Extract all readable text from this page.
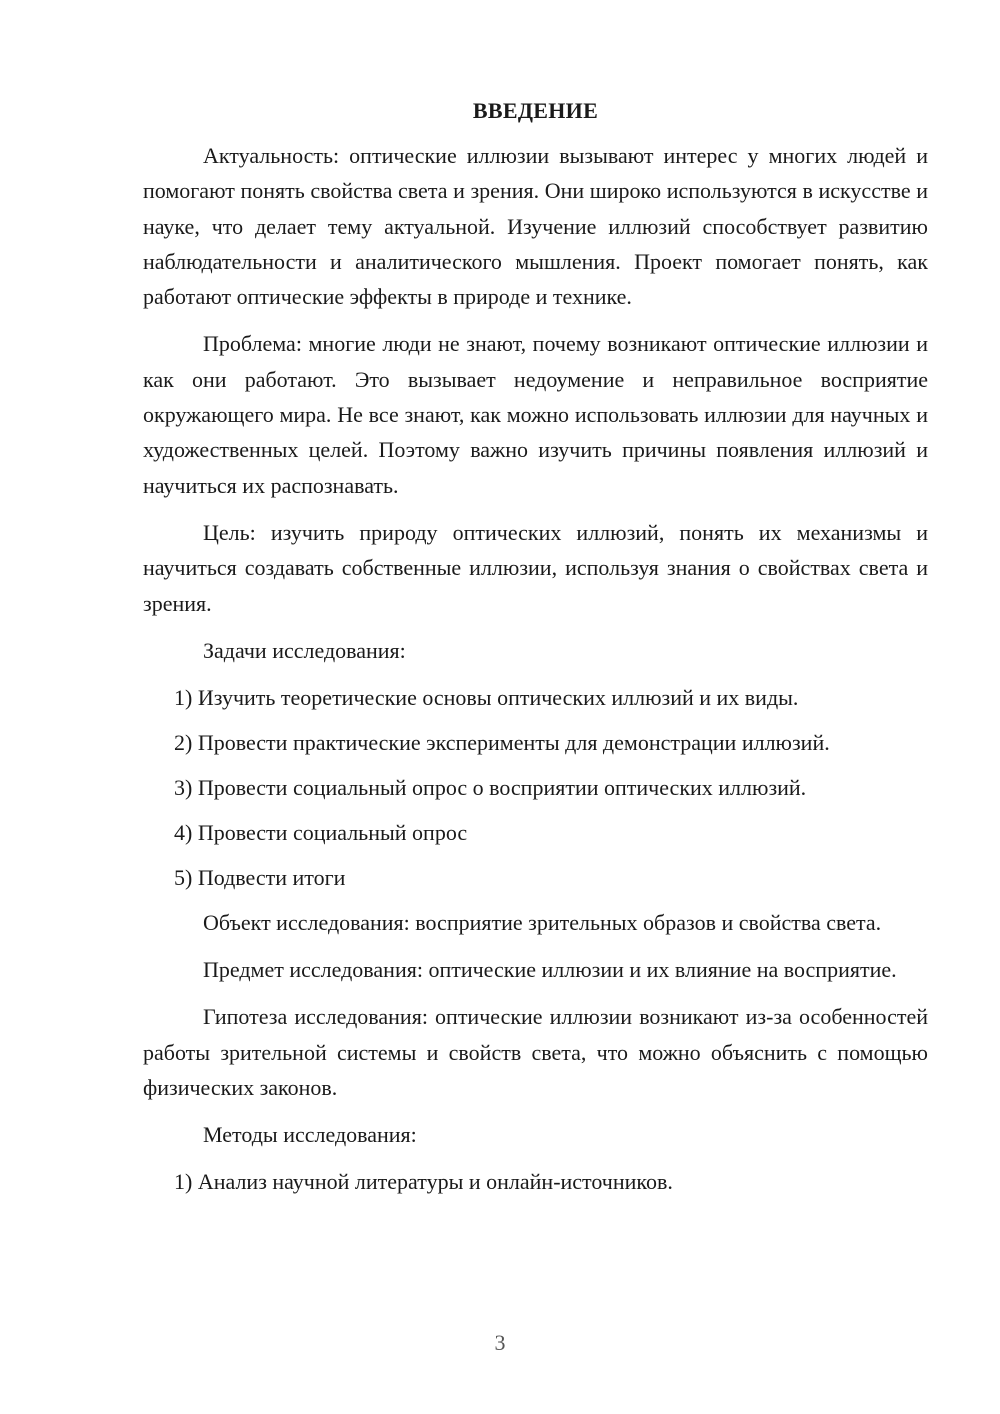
ВВЕДЕНИЕ

Актуальность: оптические иллюзии вызывают интерес у многих людей и помогают понять свойства света и зрения. Они широко используются в искусстве и науке, что делает тему актуальной. Изучение иллюзий способствует развитию наблюдательности и аналитического мышления. Проект помогает понять, как работают оптические эффекты в природе и технике.

Проблема: многие люди не знают, почему возникают оптические иллюзии и как они работают. Это вызывает недоумение и неправильное восприятие окружающего мира. Не все знают, как можно использовать иллюзии для научных и художественных целей. Поэтому важно изучить причины появления иллюзий и научиться их распознавать.

Цель: изучить природу оптических иллюзий, понять их механизмы и научиться создавать собственные иллюзии, используя знания о свойствах света и зрения.

Задачи исследования:

1) Изучить теоретические основы оптических иллюзий и их виды.
2) Провести практические эксперименты для демонстрации иллюзий.
3) Провести социальный опрос о восприятии оптических иллюзий.
4) Провести социальный опрос
5) Подвести итоги

Объект исследования: восприятие зрительных образов и свойства света.

Предмет исследования: оптические иллюзии и их влияние на восприятие.

Гипотеза исследования: оптические иллюзии возникают из-за особенностей работы зрительной системы и свойств света, что можно объяснить с помощью физических законов.

Методы исследования:

1) Анализ научной литературы и онлайн-источников.
3
